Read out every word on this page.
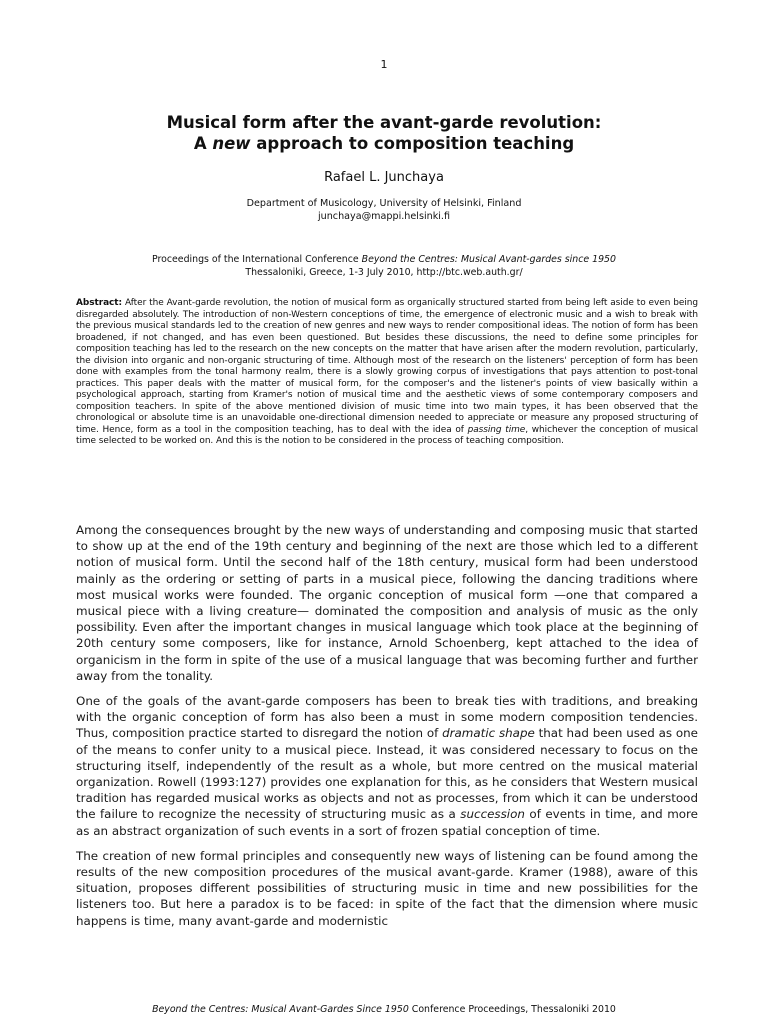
1
Musical form after the avant-garde revolution:
A new approach to composition teaching
Rafael L. Junchaya
Department of Musicology, University of Helsinki, Finland
junchaya@mappi.helsinki.fi
Proceedings of the International Conference Beyond the Centres: Musical Avant-gardes since 1950
Thessaloniki, Greece, 1-3 July 2010, http://btc.web.auth.gr/
Abstract: After the Avant-garde revolution, the notion of musical form as organically structured started from being left aside to even being disregarded absolutely. The introduction of non-Western conceptions of time, the emergence of electronic music and a wish to break with the previous musical standards led to the creation of new genres and new ways to render compositional ideas. The notion of form has been broadened, if not changed, and has even been questioned. But besides these discussions, the need to define some principles for composition teaching has led to the research on the new concepts on the matter that have arisen after the modern revolution, particularly, the division into organic and non-organic structuring of time. Although most of the research on the listeners' perception of form has been done with examples from the tonal harmony realm, there is a slowly growing corpus of investigations that pays attention to post-tonal practices. This paper deals with the matter of musical form, for the composer's and the listener's points of view basically within a psychological approach, starting from Kramer's notion of musical time and the aesthetic views of some contemporary composers and composition teachers. In spite of the above mentioned division of music time into two main types, it has been observed that the chronological or absolute time is an unavoidable one-directional dimension needed to appreciate or measure any proposed structuring of time. Hence, form as a tool in the composition teaching, has to deal with the idea of passing time, whichever the conception of musical time selected to be worked on. And this is the notion to be considered in the process of teaching composition.

Among the consequences brought by the new ways of understanding and composing music that started to show up at the end of the 19th century and beginning of the next are those which led to a different notion of musical form. Until the second half of the 18th century, musical form had been understood mainly as the ordering or setting of parts in a musical piece, following the dancing traditions where most musical works were founded. The organic conception of musical form —one that compared a musical piece with a living creature— dominated the composition and analysis of music as the only possibility. Even after the important changes in musical language which took place at the beginning of 20th century some composers, like for instance, Arnold Schoenberg, kept attached to the idea of organicism in the form in spite of the use of a musical language that was becoming further and further away from the tonality.

One of the goals of the avant-garde composers has been to break ties with traditions, and breaking with the organic conception of form has also been a must in some modern composition tendencies. Thus, composition practice started to disregard the notion of dramatic shape that had been used as one of the means to confer unity to a musical piece. Instead, it was considered necessary to focus on the structuring itself, independently of the result as a whole, but more centred on the musical material organization. Rowell (1993:127) provides one explanation for this, as he considers that Western musical tradition has regarded musical works as objects and not as processes, from which it can be understood the failure to recognize the necessity of structuring music as a succession of events in time, and more as an abstract organization of such events in a sort of frozen spatial conception of time.

The creation of new formal principles and consequently new ways of listening can be found among the results of the new composition procedures of the musical avant-garde. Kramer (1988), aware of this situation, proposes different possibilities of structuring music in time and new possibilities for the listeners too. But here a paradox is to be faced: in spite of the fact that the dimension where music happens is time, many avant-garde and modernistic

Beyond the Centres: Musical Avant-Gardes Since 1950 Conference Proceedings, Thessaloniki 2010
